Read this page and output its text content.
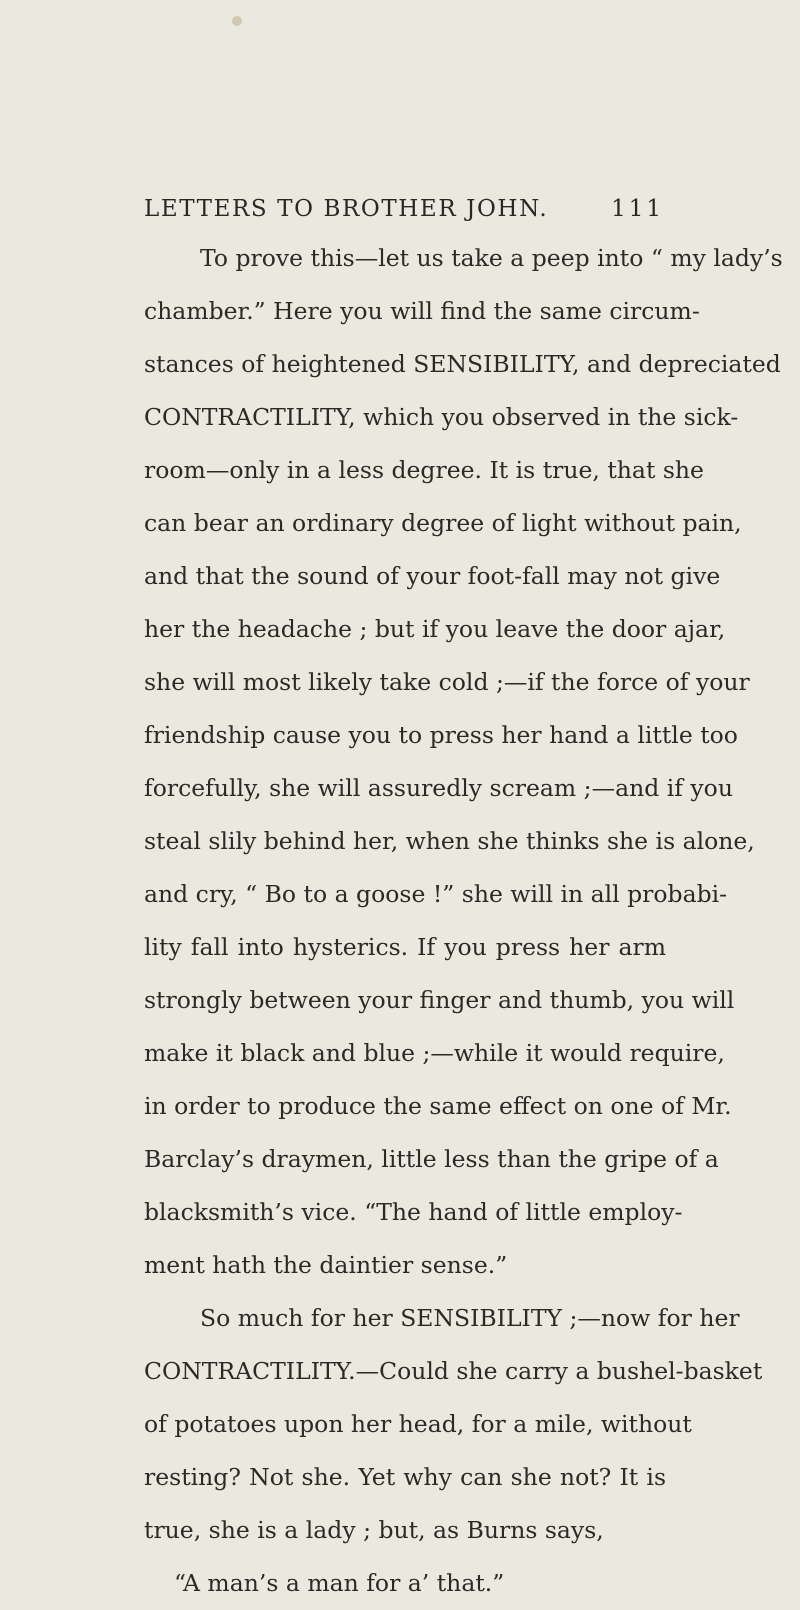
LETTERS TO BROTHER JOHN.	111
To prove this—let us take a peep into “ my lady’s
chamber.” Here you will find the same circum-
stances of heightened SENSIBILITY, and depreciated
CONTRACTILITY, which you observed in the sick-
room—only in a less degree. It is true, that she
can bear an ordinary degree of light without pain,
and that the sound of your foot-fall may not give
her the headache ; but if you leave the door ajar,
she will most likely take cold ;—if the force of your
friendship cause you to press her hand a little too
forcefully, she will assuredly scream ;—and if you
steal slily behind her, when she thinks she is alone,
and cry, “ Bo to a goose !” she will in all probabi-
lity fall into hysterics. If you press her arm
strongly between your finger and thumb, you will
make it black and blue ;—while it would require,
in order to produce the same effect on one of Mr.
Barclay’s draymen, little less than the gripe of a
blacksmith’s vice. “The hand of little employ-
ment hath the daintier sense.”
So much for her SENSIBILITY ;—now for her
CONTRACTILITY.—Could she carry a bushel-basket
of potatoes upon her head, for a mile, without
resting? Not she. Yet why can she not? It is
true, she is a lady ; but, as Burns says,
“A man’s a man for a’ that.”
